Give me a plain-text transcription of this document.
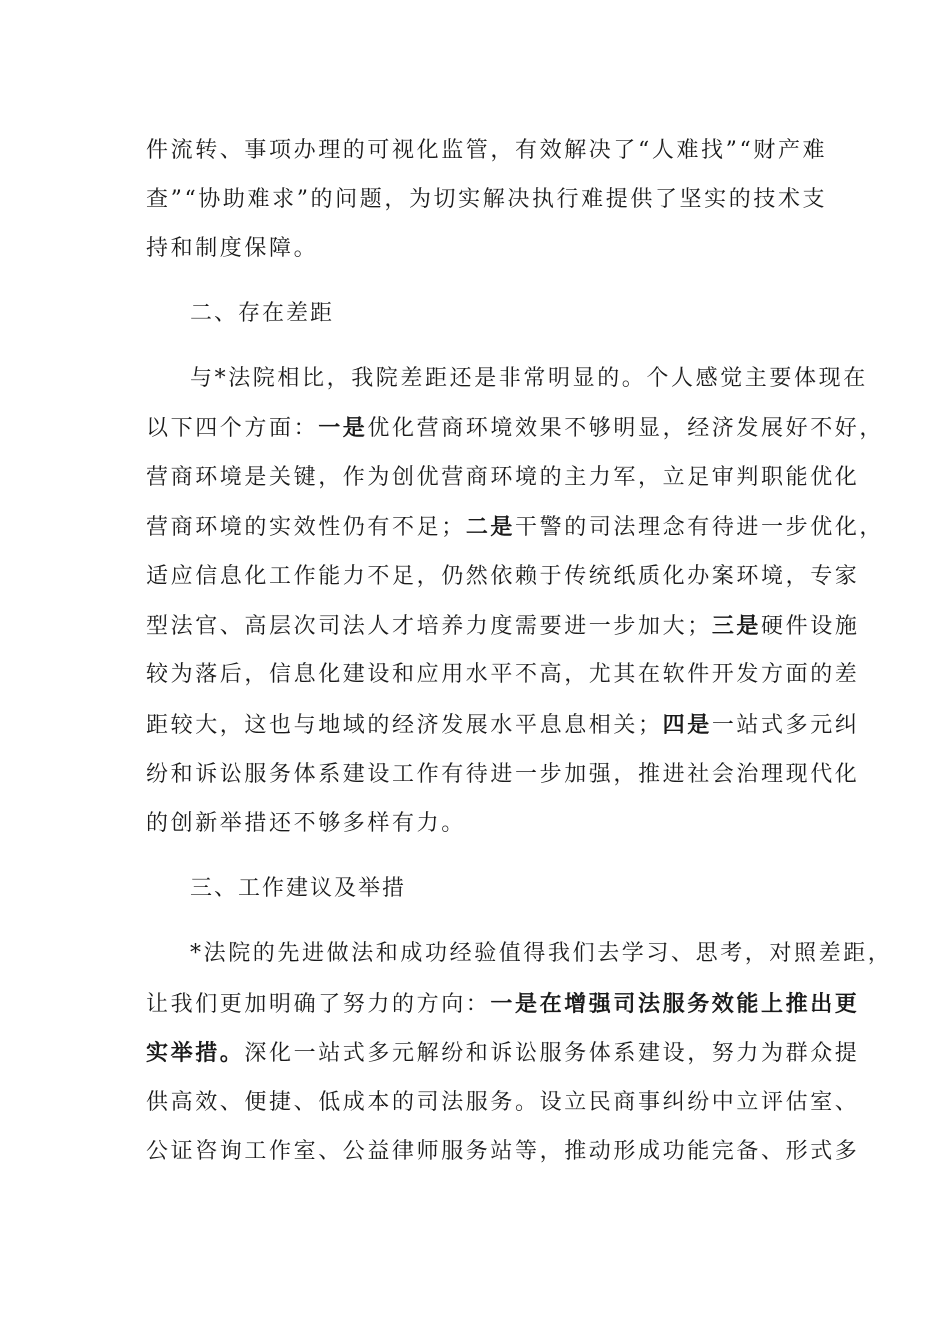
件流转、事项办理的可视化监管，有效解决了“人难找”“财产难
查”“协助难求”的问题，为切实解决执行难提供了坚实的技术支
持和制度保障。
二、存在差距
与*法院相比，我院差距还是非常明显的。个人感觉主要体现在
以下四个方面：一是优化营商环境效果不够明显，经济发展好不好，
营商环境是关键，作为创优营商环境的主力军，立足审判职能优化
营商环境的实效性仍有不足；二是干警的司法理念有待进一步优化，
适应信息化工作能力不足，仍然依赖于传统纸质化办案环境，专家
型法官、高层次司法人才培养力度需要进一步加大；三是硬件设施
较为落后，信息化建设和应用水平不高，尤其在软件开发方面的差
距较大，这也与地域的经济发展水平息息相关；四是一站式多元纠
纷和诉讼服务体系建设工作有待进一步加强，推进社会治理现代化
的创新举措还不够多样有力。
三、工作建议及举措
*法院的先进做法和成功经验值得我们去学习、思考，对照差距，
让我们更加明确了努力的方向：一是在增强司法服务效能上推出更
实举措。深化一站式多元解纷和诉讼服务体系建设，努力为群众提
供高效、便捷、低成本的司法服务。设立民商事纠纷中立评估室、
公证咨询工作室、公益律师服务站等，推动形成功能完备、形式多
